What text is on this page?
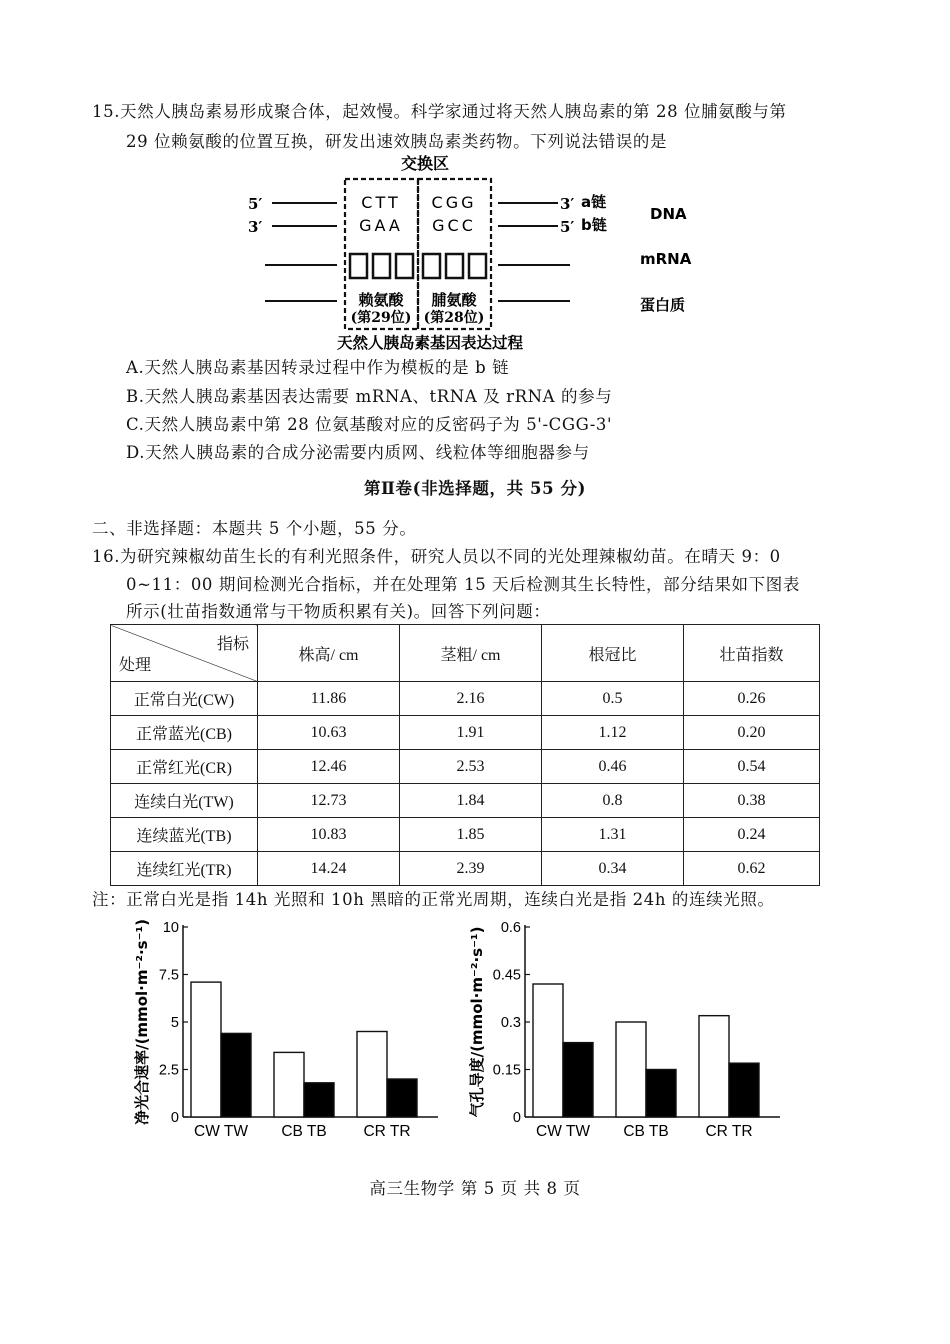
15.天然人胰岛素易形成聚合体，起效慢。科学家通过将天然人胰岛素的第 28 位脯氨酸与第
29 位赖氨酸的位置互换，研发出速效胰岛素类药物。下列说法错误的是
交换区
5′
3′
3′
5′
a链
b链
DNA
CTT CGG
GAA GCC
mRNA
赖氨酸
(第29位)
脯氨酸
(第28位)
蛋白质
天然人胰岛素基因表达过程
A.天然人胰岛素基因转录过程中作为模板的是 b 链
B.天然人胰岛素基因表达需要 mRNA、tRNA 及 rRNA 的参与
C.天然人胰岛素中第 28 位氨基酸对应的反密码子为 5'-CGG-3'
D.天然人胰岛素的合成分泌需要内质网、线粒体等细胞器参与
第Ⅱ卷(非选择题，共 55 分)
二、非选择题：本题共 5 个小题，55 分。
16.为研究辣椒幼苗生长的有利光照条件，研究人员以不同的光处理辣椒幼苗。在晴天 9：0
0~11：00 期间检测光合指标，并在处理第 15 天后检测其生长特性，部分结果如下图表
所示(壮苗指数通常与干物质积累有关)。回答下列问题：
指标
处理	株高/ cm	茎粗/ cm	根冠比	壮苗指数
正常白光(CW)	11.86	2.16	0.5	0.26
正常蓝光(CB)	10.63	1.91	1.12	0.20
正常红光(CR)	12.46	2.53	0.46	0.54
连续白光(TW)	12.73	1.84	0.8	0.38
连续蓝光(TB)	10.83	1.85	1.31	0.24
连续红光(TR)	14.24	2.39	0.34	0.62
注：正常白光是指 14h 光照和 10h 黑暗的正常光周期，连续白光是指 24h 的连续光照。
净光合速率/(mmol·m⁻²·s⁻¹) 0
2.5
5
7.5
10
CW TW CB TB CR TR
气孔导度/(mmol·m⁻²·s⁻¹)
0
0.15
0.3
0.45
0.6
CW TW CB TB CR TR
高三生物学 第 5 页 共 8 页
